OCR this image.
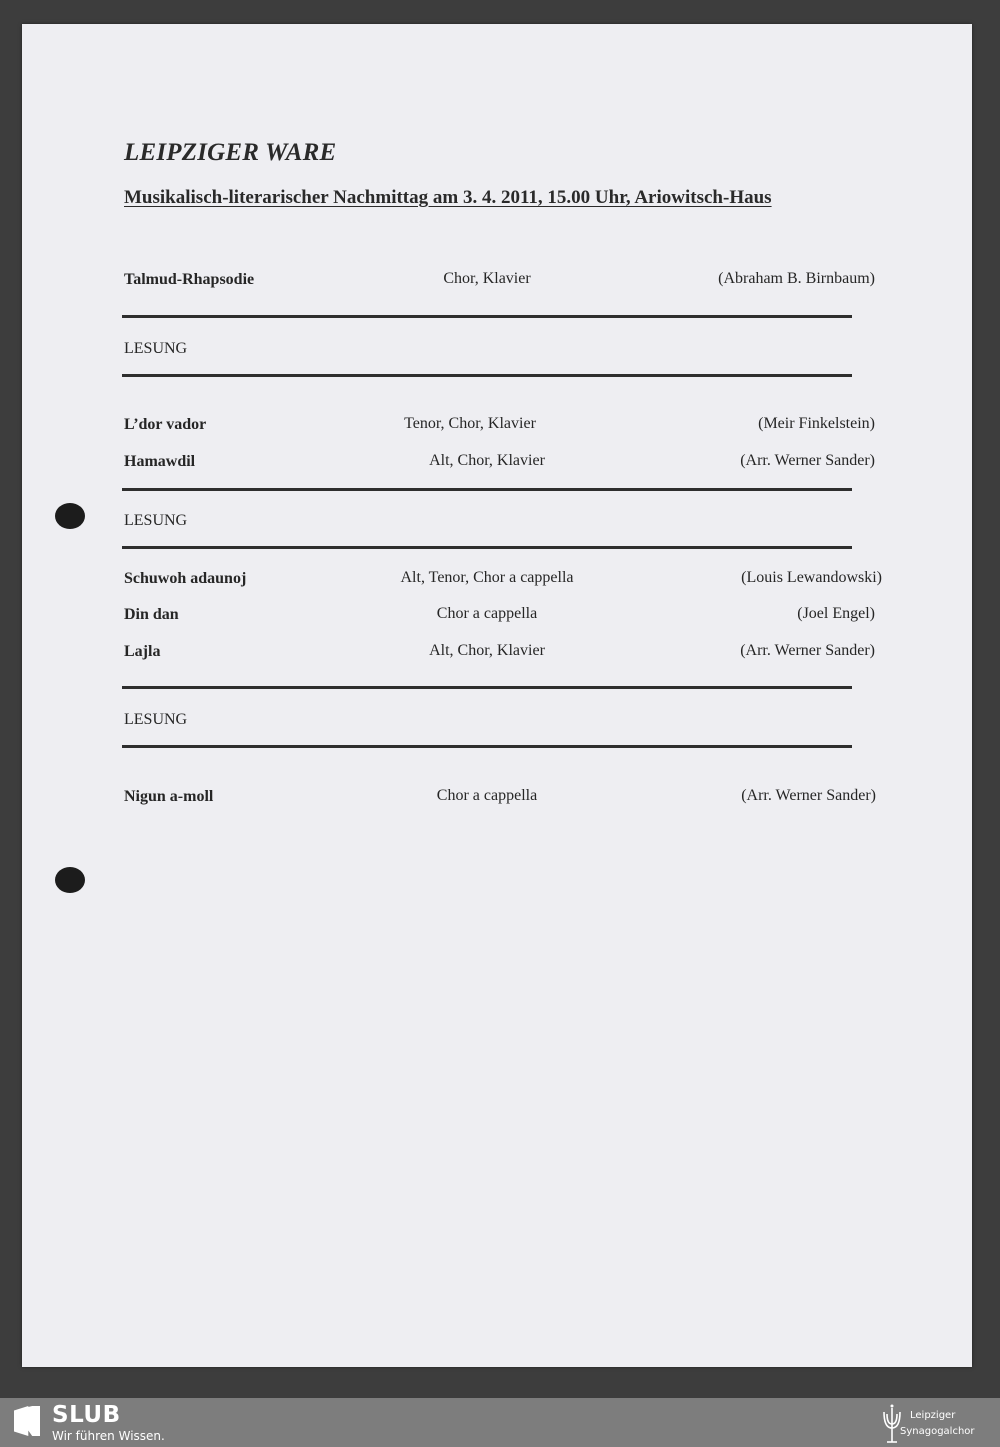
LEIPZIGER WARE
Musikalisch-literarischer Nachmittag am 3. 4. 2011, 15.00 Uhr, Ariowitsch-Haus
Talmud-Rhapsodie	Chor, Klavier	(Abraham B. Birnbaum)
LESUNG
L’dor vador	Tenor, Chor, Klavier	(Meir Finkelstein)
Hamawdil	Alt, Chor, Klavier	(Arr. Werner Sander)
LESUNG
Schuwoh adaunoj	Alt, Tenor, Chor a cappella	(Louis Lewandowski)
Din dan	Chor a cappella	(Joel Engel)
Lajla	Alt, Chor, Klavier	(Arr. Werner Sander)
LESUNG
Nigun a-moll	Chor a cappella	(Arr. Werner Sander)
SLUB
Wir führen Wissen.
Leipziger
Synagogalchor
